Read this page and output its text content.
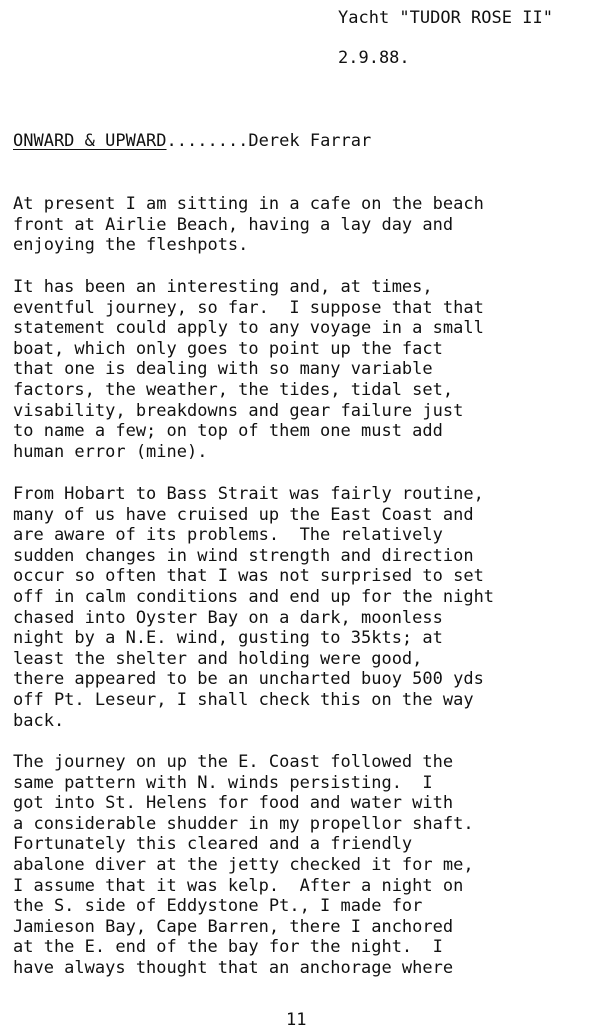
Yacht "TUDOR ROSE II"
2.9.88.
ONWARD & UPWARD........Derek Farrar
At present I am sitting in a cafe on the beach
front at Airlie Beach, having a lay day and
enjoying the fleshpots.
It has been an interesting and, at times,
eventful journey, so far.  I suppose that that
statement could apply to any voyage in a small
boat, which only goes to point up the fact
that one is dealing with so many variable
factors, the weather, the tides, tidal set,
visability, breakdowns and gear failure just
to name a few; on top of them one must add
human error (mine).
From Hobart to Bass Strait was fairly routine,
many of us have cruised up the East Coast and
are aware of its problems.  The relatively
sudden changes in wind strength and direction
occur so often that I was not surprised to set
off in calm conditions and end up for the night
chased into Oyster Bay on a dark, moonless
night by a N.E. wind, gusting to 35kts; at
least the shelter and holding were good,
there appeared to be an uncharted buoy 500 yds
off Pt. Leseur, I shall check this on the way
back.
The journey on up the E. Coast followed the
same pattern with N. winds persisting.  I
got into St. Helens for food and water with
a considerable shudder in my propellor shaft.
Fortunately this cleared and a friendly
abalone diver at the jetty checked it for me,
I assume that it was kelp.  After a night on
the S. side of Eddystone Pt., I made for
Jamieson Bay, Cape Barren, there I anchored
at the E. end of the bay for the night.  I
have always thought that an anchorage where
11
